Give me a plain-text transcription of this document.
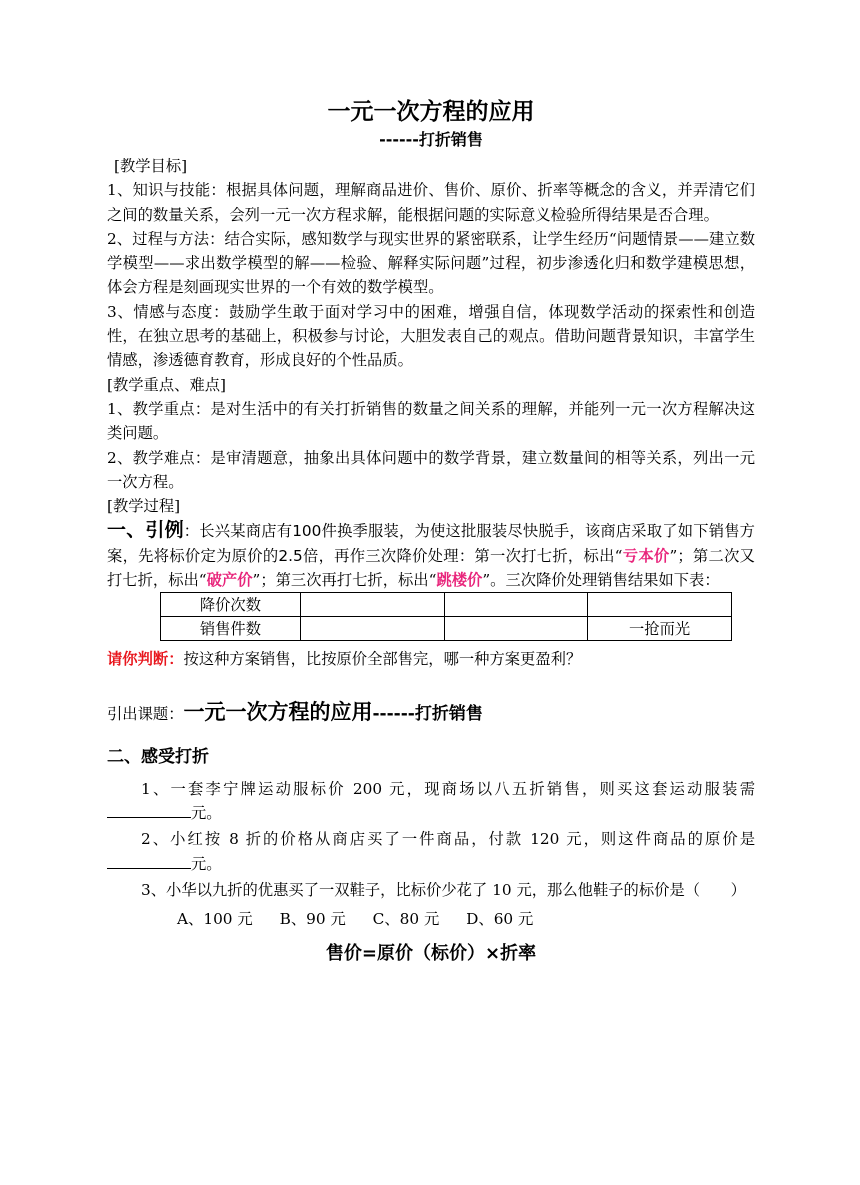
一元一次方程的应用
------打折销售

[教学目标]

1、知识与技能：根据具体问题，理解商品进价、售价、原价、折率等概念的含义，并弄清它们之间的数量关系，会列一元一次方程求解，能根据问题的实际意义检验所得结果是否合理。

2、过程与方法：结合实际，感知数学与现实世界的紧密联系，让学生经历“问题情景——建立数学模型——求出数学模型的解——检验、解释实际问题”过程，初步渗透化归和数学建模思想，体会方程是刻画现实世界的一个有效的数学模型。

3、情感与态度：鼓励学生敢于面对学习中的困难，增强自信，体现数学活动的探索性和创造性，在独立思考的基础上，积极参与讨论，大胆发表自己的观点。借助问题背景知识，丰富学生情感，渗透德育教育，形成良好的个性品质。

[教学重点、难点]

1、教学重点：是对生活中的有关打折销售的数量之间关系的理解，并能列一元一次方程解决这类问题。

2、教学难点：是审清题意，抽象出具体问题中的数学背景，建立数量间的相等关系，列出一元一次方程。

[教学过程]

一、引例：长兴某商店有100件换季服装，为使这批服装尽快脱手，该商店采取了如下销售方案，先将标价定为原价的2.5倍，再作三次降价处理：第一次打七折，标出“亏本价”；第二次又打七折，标出“破产价”；第三次再打七折，标出“跳楼价”。三次降价处理销售结果如下表：

降价次数			
销售件数			一抢而光

请你判断：按这种方案销售，比按原价全部售完，哪一种方案更盈利？

引出课题：一元一次方程的应用------打折销售
二、感受打折

1、一套李宁牌运动服标价 200 元，现商场以八五折销售，则买这套运动服装需元。

2、小红按 8 折的价格从商店买了一件商品，付款 120 元，则这件商品的原价是元。

3、小华以九折的优惠买了一双鞋子，比标价少花了 10 元，那么他鞋子的标价是（　　）

A、100 元 B、90 元 C、80 元 D、60 元
售价=原价（标价）×折率
